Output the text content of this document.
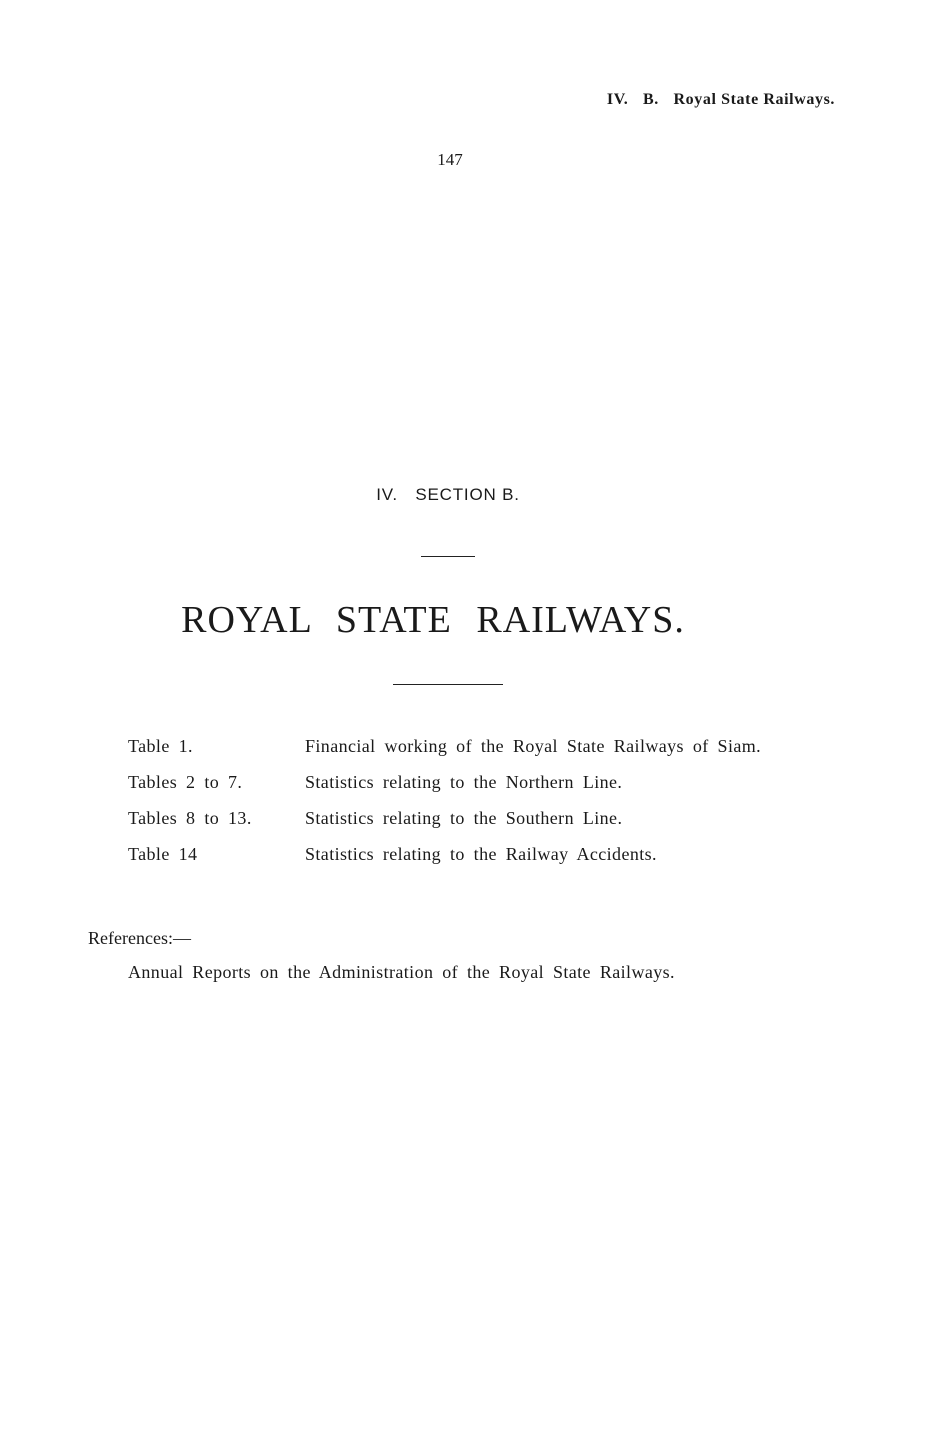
IV. B. Royal State Railways.
147
IV. SECTION B.
ROYAL STATE RAILWAYS.
Table 1.	Financial working of the Royal State Railways of Siam.
Tables 2 to 7.	Statistics relating to the Northern Line.
Tables 8 to 13.	Statistics relating to the Southern Line.
Table 14	Statistics relating to the Railway Accidents.
References:—
Annual Reports on the Administration of the Royal State Railways.
